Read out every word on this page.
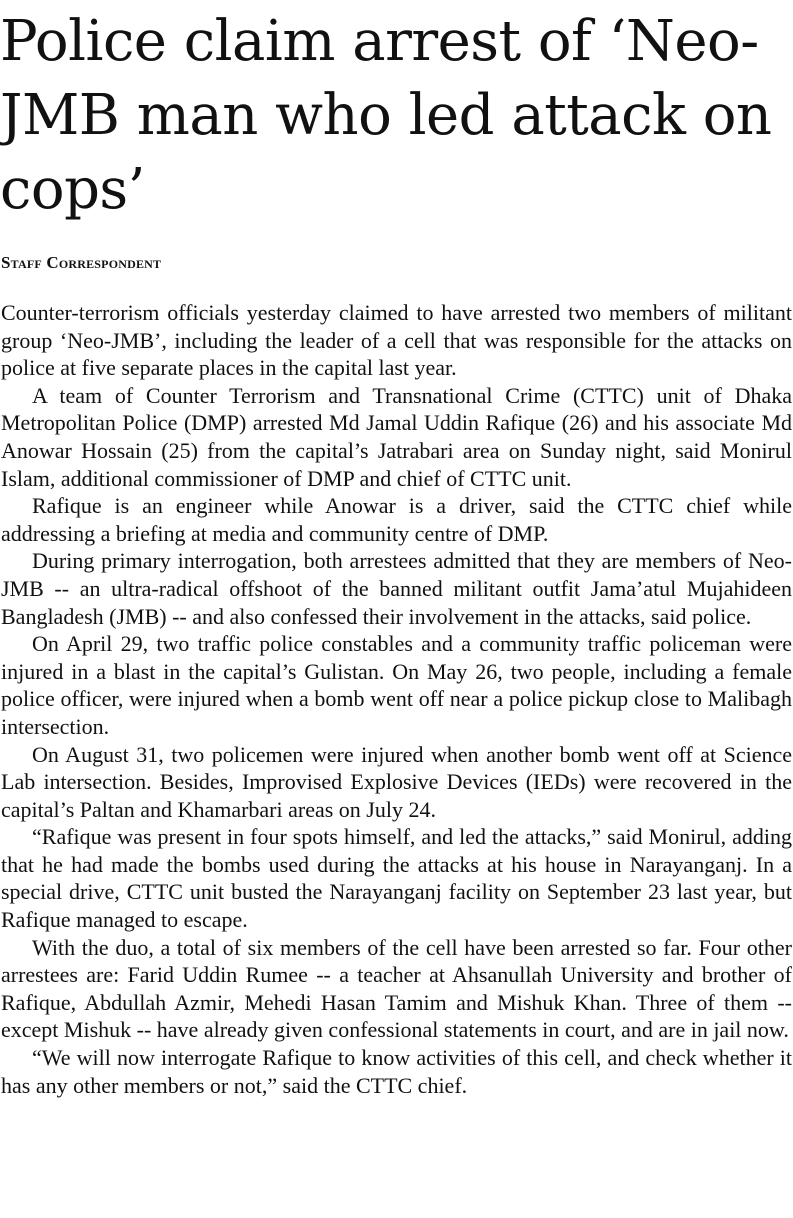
Police claim arrest of ‘Neo-JMB man who led attack on cops’
Staff Correspondent

Counter-terrorism officials yesterday claimed to have arrested two members of militant group ‘Neo-JMB’, including the leader of a cell that was responsible for the attacks on police at five separate places in the capital last year.

A team of Counter Terrorism and Transnational Crime (CTTC) unit of Dhaka Metropolitan Police (DMP) arrested Md Jamal Uddin Rafique (26) and his associate Md Anowar Hossain (25) from the capital’s Jatrabari area on Sunday night, said Monirul Islam, additional commissioner of DMP and chief of CTTC unit.

Rafique is an engineer while Anowar is a driver, said the CTTC chief while addressing a briefing at media and community centre of DMP.

During primary interrogation, both arrestees admitted that they are members of Neo-JMB -- an ultra-radical offshoot of the banned militant outfit Jama’atul Mujahideen Bangladesh (JMB) -- and also confessed their involvement in the attacks, said police.

On April 29, two traffic police constables and a community traffic policeman were injured in a blast in the capital’s Gulistan. On May 26, two people, including a female police officer, were injured when a bomb went off near a police pickup close to Malibagh intersection.

On August 31, two policemen were injured when another bomb went off at Science Lab intersection. Besides, Improvised Explosive Devices (IEDs) were recovered in the capital’s Paltan and Khamarbari areas on July 24.

“Rafique was present in four spots himself, and led the attacks,” said Monirul, adding that he had made the bombs used during the attacks at his house in Narayanganj. In a special drive, CTTC unit busted the Narayanganj facility on September 23 last year, but Rafique managed to escape.

With the duo, a total of six members of the cell have been arrested so far. Four other arrestees are: Farid Uddin Rumee -- a teacher at Ahsanullah University and brother of Rafique, Abdullah Azmir, Mehedi Hasan Tamim and Mishuk Khan. Three of them -- except Mishuk -- have already given confessional statements in court, and are in jail now.

“We will now interrogate Rafique to know activities of this cell, and check whether it has any other members or not,” said the CTTC chief.
